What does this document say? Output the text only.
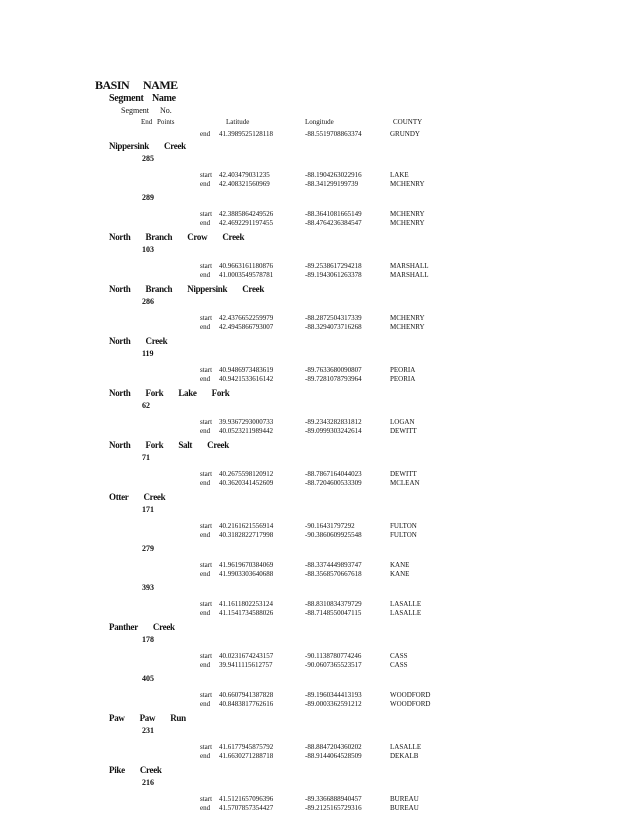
BASIN NAME
Segment Name
Segment No.
End Points	Latitude	Longitude	COUNTY
end 41.3989525128118	-88.5519708863374	GRUNDY
Nippersink Creek
285
start 42.403479031235	-88.1904263022916	LAKE
end 42.408321560969	-88.341299199739	MCHENRY
289
start 42.3885864249526	-88.3641081665149	MCHENRY
end 42.4692291197455	-88.4764236384547	MCHENRY
North Branch Crow Creek
103
start 40.9663161180876	-89.2538617294218	MARSHALL
end 41.0003549578781	-89.1943061263378	MARSHALL
North Branch Nippersink Creek
286
start 42.4376652259979	-88.2872504317339	MCHENRY
end 42.4945866793007	-88.3294073716268	MCHENRY
North Creek
119
start 40.9486973483619	-89.7633680090807	PEORIA
end 40.9421533616142	-89.7281078793964	PEORIA
North Fork Lake Fork
62
start 39.9367293000733	-89.2343282831812	LOGAN
end 40.0523211989442	-89.0999303242614	DEWITT
North Fork Salt Creek
71
start 40.2675598120912	-88.7867164044023	DEWITT
end 40.3620341452609	-88.7204600533309	MCLEAN
Otter Creek
171
start 40.2161621556914	-90.16431797292	FULTON
end 40.3182822717998	-90.3860609925548	FULTON
279
start 41.9619670384069	-88.3374449893747	KANE
end 41.9903303640688	-88.3568570667618	KANE
393
start 41.1611802253124	-88.8310834379729	LASALLE
end 41.1541734588026	-88.7148550047115	LASALLE
Panther Creek
178
start 40.0231674243157	-90.1138780774246	CASS
end 39.9411115612757	-90.0607365523517	CASS
405
start 40.6607941387828	-89.1960344413193	WOODFORD
end 40.8483817762616	-89.0003362591212	WOODFORD
Paw Paw Run
231
start 41.6177945875792	-88.8847204360202	LASALLE
end 41.6630271288718	-88.9144064528509	DEKALB
Pike Creek
216
start 41.5121657096396	-89.3366888940457	BUREAU
end 41.5707857354427	-89.2125165729316	BUREAU
